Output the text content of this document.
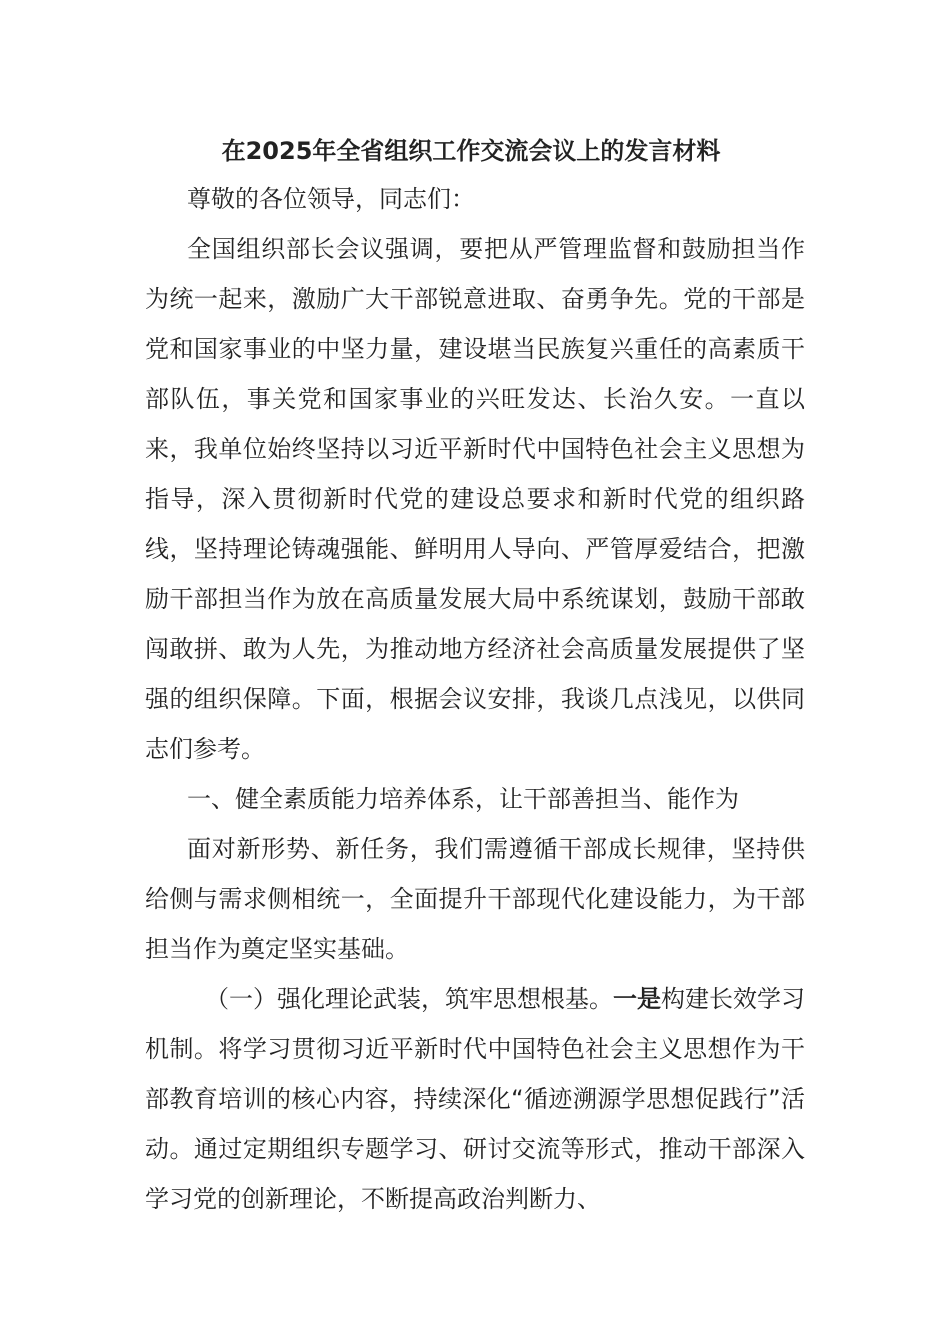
在2025年全省组织工作交流会议上的发言材料

尊敬的各位领导，同志们：

全国组织部长会议强调，要把从严管理监督和鼓励担当作为统一起来，激励广大干部锐意进取、奋勇争先。党的干部是党和国家事业的中坚力量，建设堪当民族复兴重任的高素质干部队伍，事关党和国家事业的兴旺发达、长治久安。一直以来，我单位始终坚持以习近平新时代中国特色社会主义思想为指导，深入贯彻新时代党的建设总要求和新时代党的组织路线，坚持理论铸魂强能、鲜明用人导向、严管厚爱结合，把激励干部担当作为放在高质量发展大局中系统谋划，鼓励干部敢闯敢拼、敢为人先，为推动地方经济社会高质量发展提供了坚强的组织保障。下面，根据会议安排，我谈几点浅见，以供同志们参考。

一、健全素质能力培养体系，让干部善担当、能作为

面对新形势、新任务，我们需遵循干部成长规律，坚持供给侧与需求侧相统一，全面提升干部现代化建设能力，为干部担当作为奠定坚实基础。

（一）强化理论武装，筑牢思想根基。一是构建长效学习机制。将学习贯彻习近平新时代中国特色社会主义思想作为干部教育培训的核心内容，持续深化“循迹溯源学思想促践行”活动。通过定期组织专题学习、研讨交流等形式，推动干部深入学习党的创新理论，不断提高政治判断力、
